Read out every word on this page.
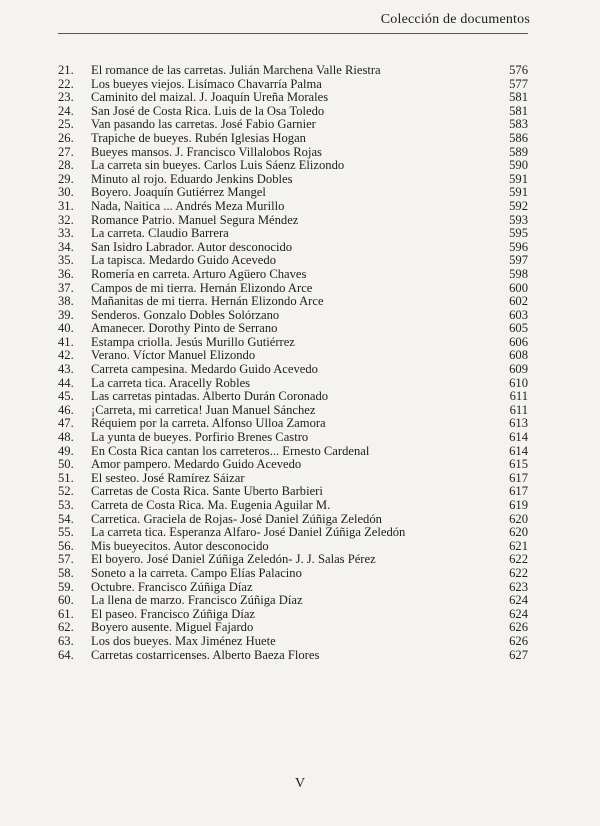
Colección de documentos
21.	El romance de las carretas. Julián Marchena Valle Riestra	576
22.	Los bueyes viejos. Lisímaco Chavarría Palma	577
23.	Caminito del maizal. J. Joaquín Ureña Morales	581
24.	San José de Costa Rica. Luis de la Osa Toledo	581
25.	Van pasando las carretas. José Fabio Garnier	583
26.	Trapiche de bueyes. Rubén Iglesias Hogan	586
27.	Bueyes mansos. J. Francisco Villalobos Rojas	589
28.	La carreta sin bueyes. Carlos Luis Sáenz Elizondo	590
29.	Minuto al rojo. Eduardo Jenkins Dobles	591
30.	Boyero. Joaquín Gutiérrez Mangel	591
31.	Nada, Naitica ... Andrés Meza Murillo	592
32.	Romance Patrio. Manuel Segura Méndez	593
33.	La carreta. Claudio Barrera	595
34.	San Isidro Labrador. Autor desconocido	596
35.	La tapisca. Medardo Guido Acevedo	597
36.	Romería en carreta. Arturo Agüero Chaves	598
37.	Campos de mi tierra. Hernán Elizondo Arce	600
38.	Mañanitas de mi tierra. Hernán Elizondo Arce	602
39.	Senderos. Gonzalo Dobles Solórzano	603
40.	Amanecer. Dorothy Pinto de Serrano	605
41.	Estampa criolla. Jesús Murillo Gutiérrez	606
42.	Verano. Víctor Manuel Elizondo	608
43.	Carreta campesina. Medardo Guido Acevedo	609
44.	La carreta tica. Aracelly Robles	610
45.	Las carretas pintadas. Alberto Durán Coronado	611
46.	¡Carreta, mi carretica! Juan Manuel Sánchez	611
47.	Réquiem por la carreta. Alfonso Ulloa Zamora	613
48.	La yunta de bueyes. Porfirio Brenes Castro	614
49.	En Costa Rica cantan los carreteros... Ernesto Cardenal	614
50.	Amor pampero. Medardo Guido Acevedo	615
51.	El sesteo. José Ramírez Sáizar	617
52.	Carretas de Costa Rica. Sante Uberto Barbieri	617
53.	Carreta de Costa Rica. Ma. Eugenia Aguilar M.	619
54.	Carretica. Graciela de Rojas- José Daniel Zúñiga Zeledón	620
55.	La carreta tica. Esperanza Alfaro- José Daniel Zúñiga Zeledón	620
56.	Mis bueyecitos. Autor desconocido	621
57.	El boyero. José Daniel Zúñiga Zeledón- J. J. Salas Pérez	622
58.	Soneto a la carreta. Campo Elías Palacino	622
59.	Octubre. Francisco Zúñiga Díaz	623
60.	La llena de marzo. Francisco Zúñiga Díaz	624
61.	El paseo. Francisco Zúñiga Díaz	624
62.	Boyero ausente. Miguel Fajardo	626
63.	Los dos bueyes. Max Jiménez Huete	626
64.	Carretas costarricenses. Alberto Baeza Flores	627
V
